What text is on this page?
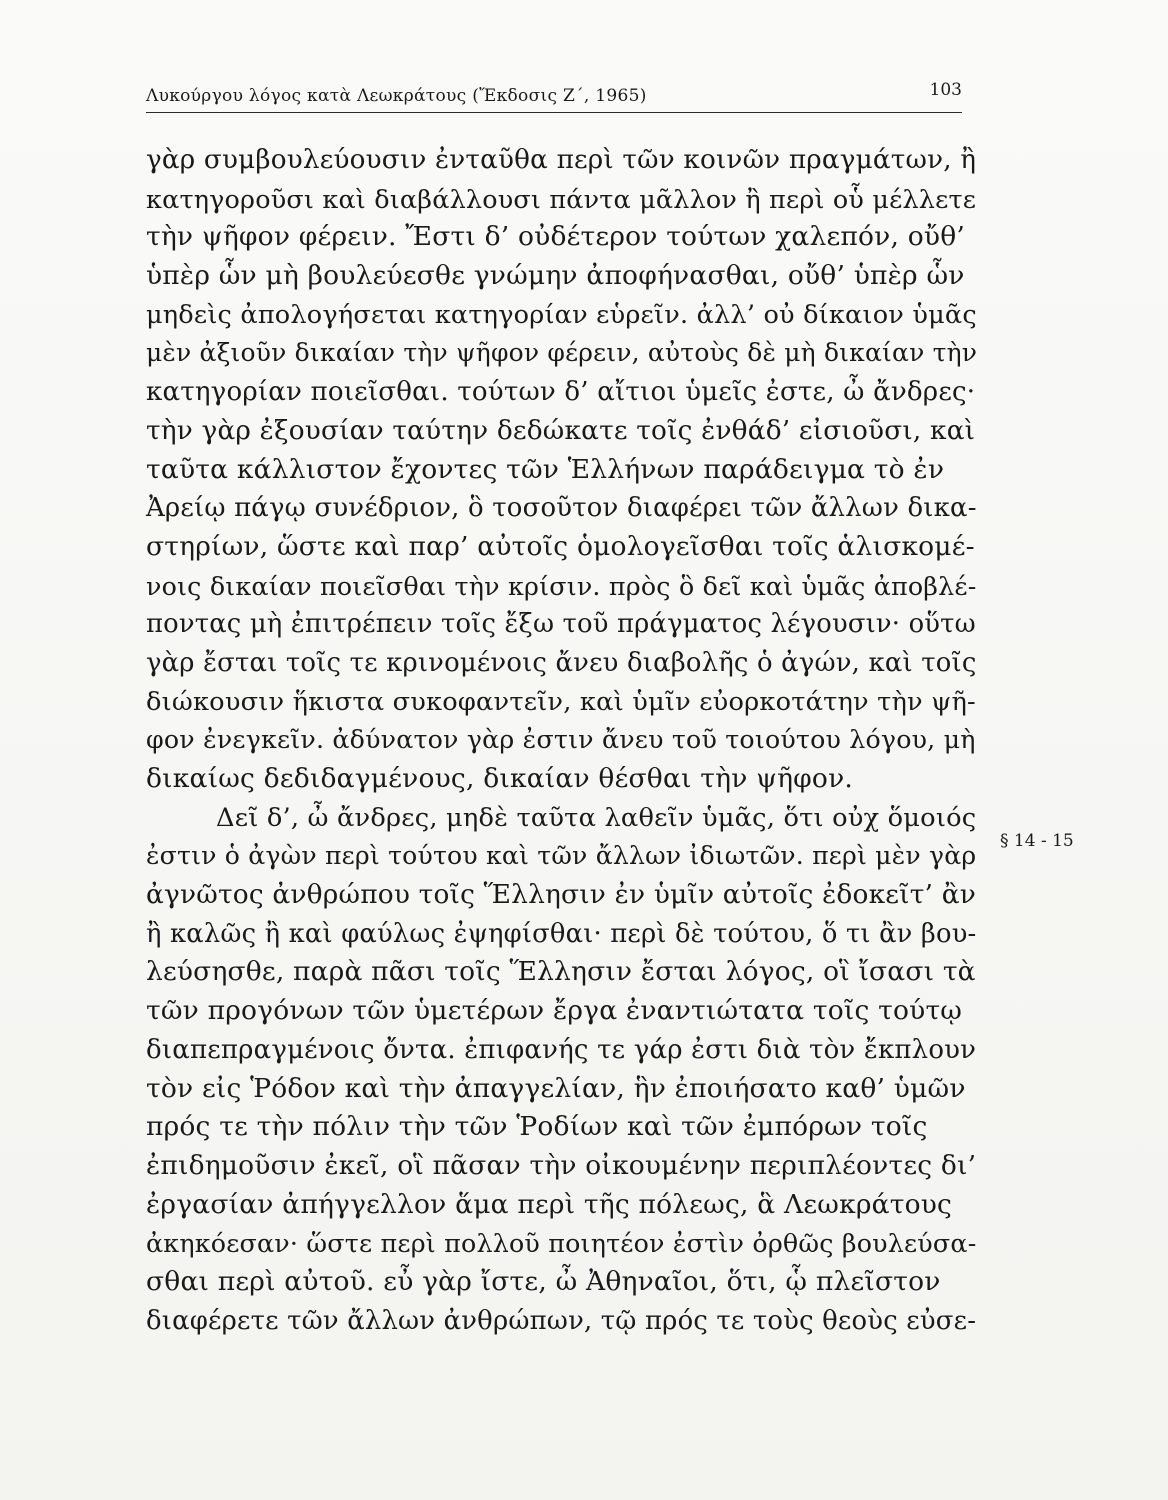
Λυκούργου λόγος κατὰ Λεωκράτους (Ἔκδοσις Ζ΄, 1965)	103
γὰρ συμβουλεύουσιν ἐνταῦθα περὶ τῶν κοινῶν πραγμάτων, ἢ
κατηγοροῦσι καὶ διαβάλλουσι πάντα μᾶλλον ἢ περὶ οὗ μέλλετε
τὴν ψῆφον φέρειν. Ἔστι δ’ οὐδέτερον τούτων χαλεπόν, οὔθ’
ὑπὲρ ὧν μὴ βουλεύεσθε γνώμην ἀποφήνασθαι, οὔθ’ ὑπὲρ ὧν
μηδεὶς ἀπολογήσεται κατηγορίαν εὑρεῖν. ἀλλ’ οὐ δίκαιον ὑμᾶς
μὲν ἀξιοῦν δικαίαν τὴν ψῆφον φέρειν, αὐτοὺς δὲ μὴ δικαίαν τὴν
κατηγορίαν ποιεῖσθαι. τούτων δ’ αἴτιοι ὑμεῖς ἐστε, ὦ ἄνδρες·
τὴν γὰρ ἐξουσίαν ταύτην δεδώκατε τοῖς ἐνθάδ’ εἰσιοῦσι, καὶ
ταῦτα κάλλιστον ἔχοντες τῶν Ἑλλήνων παράδειγμα τὸ ἐν
Ἀρείῳ πάγῳ συνέδριον, ὃ τοσοῦτον διαφέρει τῶν ἄλλων δικα-
στηρίων, ὥστε καὶ παρ’ αὐτοῖς ὁμολογεῖσθαι τοῖς ἁλισκομέ-
νοις δικαίαν ποιεῖσθαι τὴν κρίσιν. πρὸς ὃ δεῖ καὶ ὑμᾶς ἀποβλέ-
ποντας μὴ ἐπιτρέπειν τοῖς ἔξω τοῦ πράγματος λέγουσιν· οὕτω
γὰρ ἔσται τοῖς τε κρινομένοις ἄνευ διαβολῆς ὁ ἀγών, καὶ τοῖς
διώκουσιν ἥκιστα συκοφαντεῖν, καὶ ὑμῖν εὐορκοτάτην τὴν ψῆ-
φον ἐνεγκεῖν. ἀδύνατον γὰρ ἐστιν ἄνευ τοῦ τοιούτου λόγου, μὴ
δικαίως δεδιδαγμένους, δικαίαν θέσθαι τὴν ψῆφον.
Δεῖ δ’, ὦ ἄνδρες, μηδὲ ταῦτα λαθεῖν ὑμᾶς, ὅτι οὐχ ὅμοιός
ἐστιν ὁ ἀγὼν περὶ τούτου καὶ τῶν ἄλλων ἰδιωτῶν. περὶ μὲν γὰρ
ἀγνῶτος ἀνθρώπου τοῖς Ἕλλησιν ἐν ὑμῖν αὐτοῖς ἐδοκεῖτ’ ἂν
ἢ καλῶς ἢ καὶ φαύλως ἐψηφίσθαι· περὶ δὲ τούτου, ὅ τι ἂν βου-
λεύσησθε, παρὰ πᾶσι τοῖς Ἕλλησιν ἔσται λόγος, οἳ ἴσασι τὰ
τῶν προγόνων τῶν ὑμετέρων ἔργα ἐναντιώτατα τοῖς τούτῳ
διαπεπραγμένοις ὄντα. ἐπιφανής τε γάρ ἐστι διὰ τὸν ἔκπλουν
τὸν εἰς Ῥόδον καὶ τὴν ἀπαγγελίαν, ἣν ἐποιήσατο καθ’ ὑμῶν
πρός τε τὴν πόλιν τὴν τῶν Ῥοδίων καὶ τῶν ἐμπόρων τοῖς
ἐπιδημοῦσιν ἐκεῖ, οἳ πᾶσαν τὴν οἰκουμένην περιπλέοντες δι’
ἐργασίαν ἀπήγγελλον ἅμα περὶ τῆς πόλεως, ἃ Λεωκράτους
ἀκηκόεσαν· ὥστε περὶ πολλοῦ ποιητέον ἐστὶν ὀρθῶς βουλεύσα-
σθαι περὶ αὐτοῦ. εὖ γὰρ ἴστε, ὦ Ἀθηναῖοι, ὅτι, ᾧ πλεῖστον
διαφέρετε τῶν ἄλλων ἀνθρώπων, τῷ πρός τε τοὺς θεοὺς εὐσε-
§ 14 - 15
